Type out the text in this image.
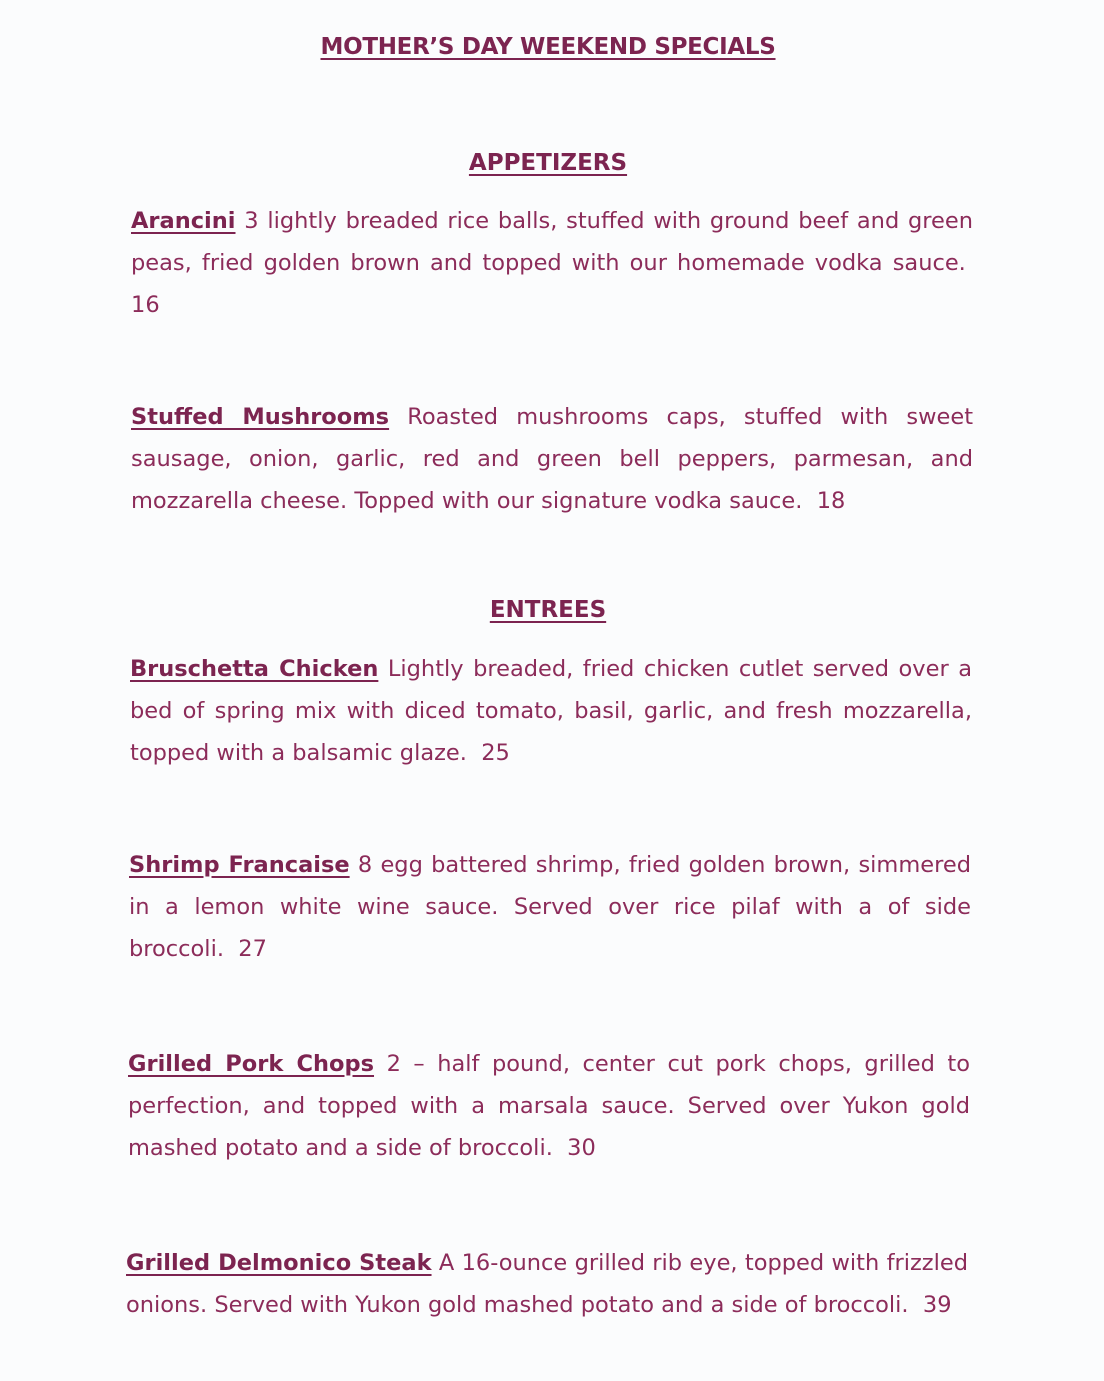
MOTHER’S DAY WEEKEND SPECIALS
APPETIZERS
Arancini 3 lightly breaded rice balls, stuffed with ground beef and green peas, fried golden brown and topped with our homemade vodka sauce.  16
Stuffed Mushrooms Roasted mushrooms caps, stuffed with sweet sausage, onion, garlic, red and green bell peppers, parmesan, and mozzarella cheese. Topped with our signature vodka sauce. 18
ENTREES
Bruschetta Chicken Lightly breaded, fried chicken cutlet served over a bed of spring mix with diced tomato, basil, garlic, and fresh mozzarella, topped with a balsamic glaze. 25
Shrimp Francaise 8 egg battered shrimp, fried golden brown, simmered in a lemon white wine sauce. Served over rice pilaf with a of side broccoli. 27
Grilled Pork Chops 2 – half pound, center cut pork chops, grilled to perfection, and topped with a marsala sauce. Served over Yukon gold mashed potato and a side of broccoli. 30
Grilled Delmonico Steak A 16-ounce grilled rib eye, topped with frizzled onions. Served with Yukon gold mashed potato and a side of broccoli. 39
